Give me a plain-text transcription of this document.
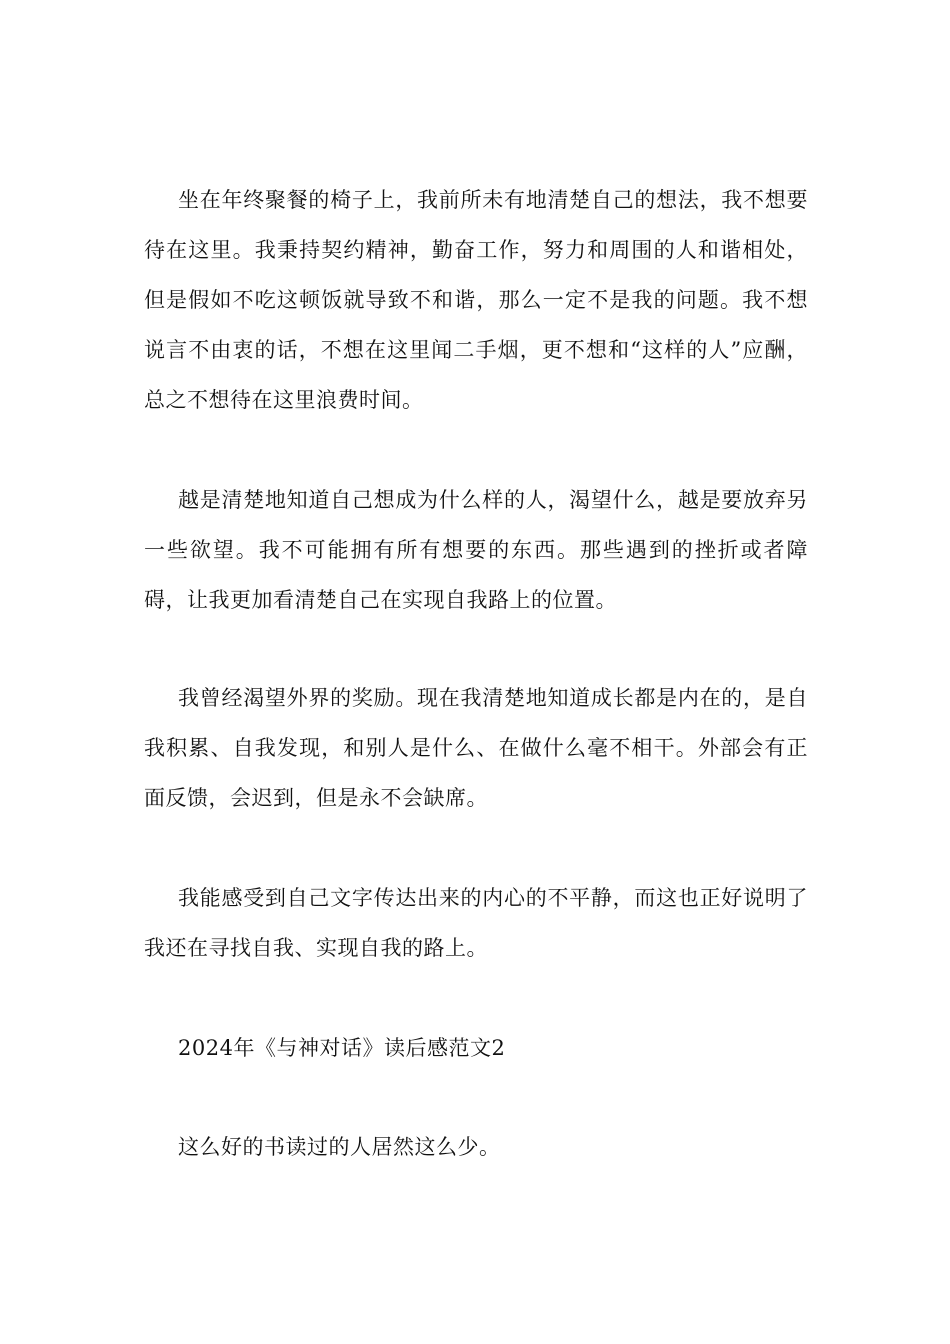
坐在年终聚餐的椅子上，我前所未有地清楚自己的想法，我不想要待在这里。我秉持契约精神，勤奋工作，努力和周围的人和谐相处，但是假如不吃这顿饭就导致不和谐，那么一定不是我的问题。我不想说言不由衷的话，不想在这里闻二手烟，更不想和“这样的人”应酬，总之不想待在这里浪费时间。

越是清楚地知道自己想成为什么样的人，渴望什么，越是要放弃另一些欲望。我不可能拥有所有想要的东西。那些遇到的挫折或者障碍，让我更加看清楚自己在实现自我路上的位置。

我曾经渴望外界的奖励。现在我清楚地知道成长都是内在的，是自我积累、自我发现，和别人是什么、在做什么毫不相干。外部会有正面反馈，会迟到，但是永不会缺席。

我能感受到自己文字传达出来的内心的不平静，而这也正好说明了我还在寻找自我、实现自我的路上。

2024年《与神对话》读后感范文2

这么好的书读过的人居然这么少。
